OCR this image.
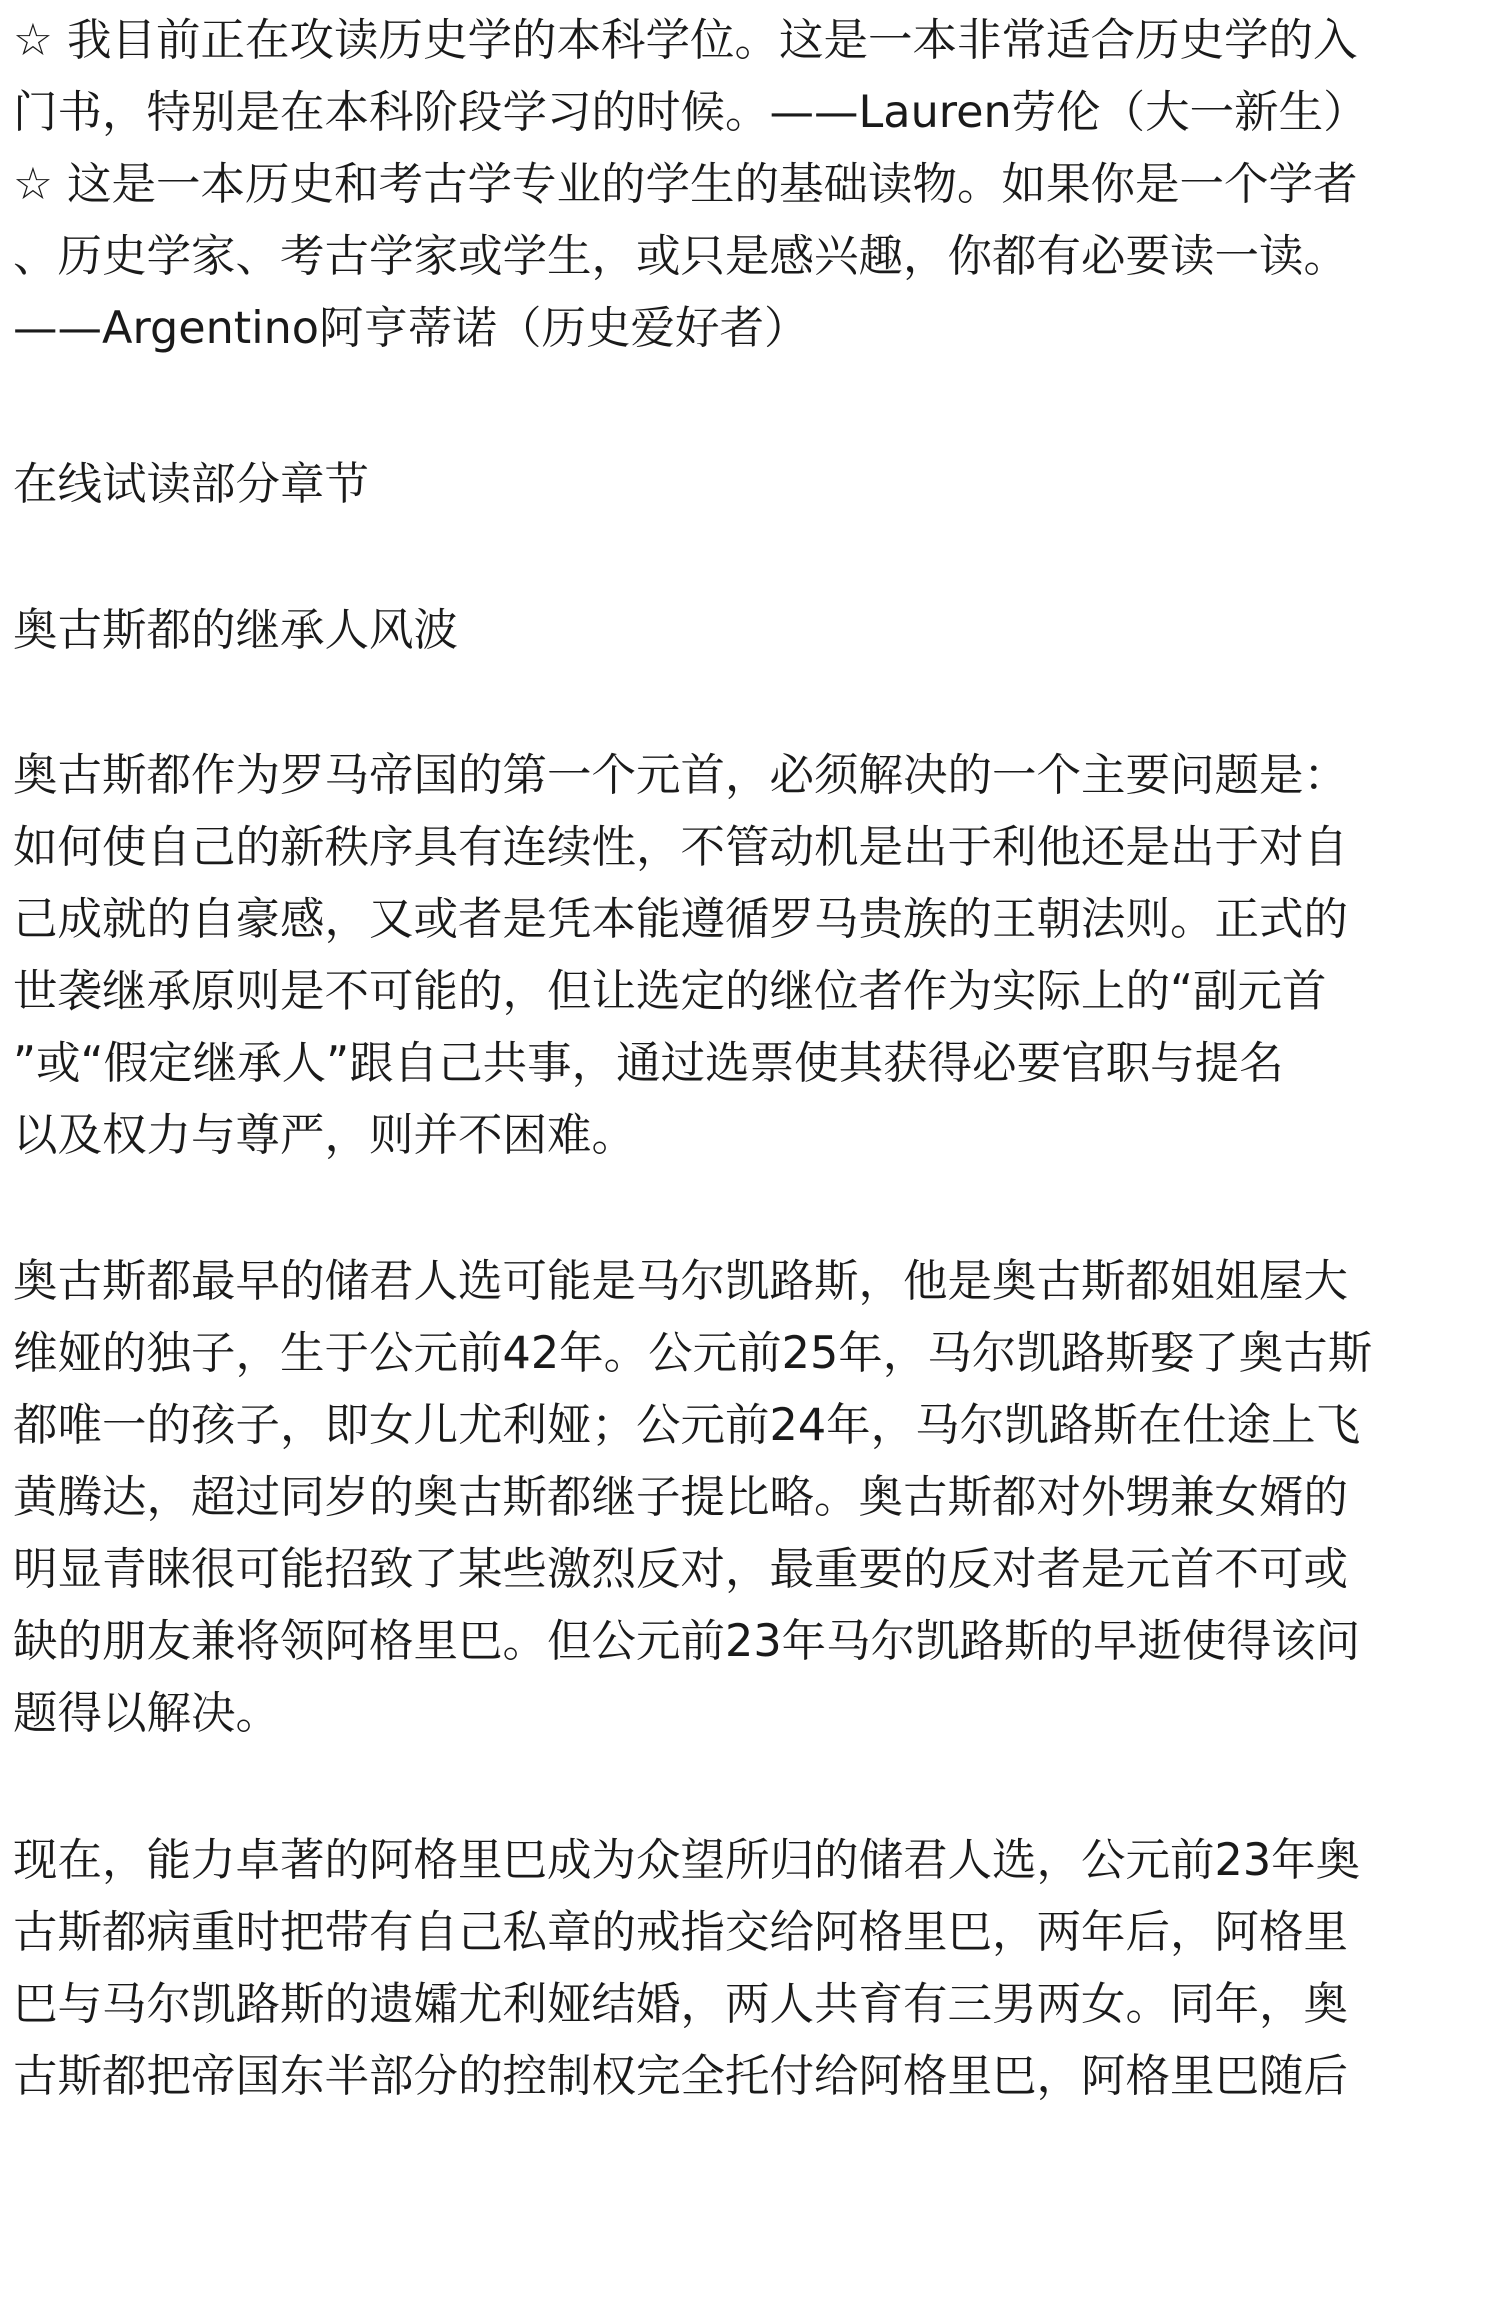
☆ 我目前正在攻读历史学的本科学位。这是一本非常适合历史学的入
门书，特别是在本科阶段学习的时候。——Lauren劳伦（大一新生）
☆ 这是一本历史和考古学专业的学生的基础读物。如果你是一个学者
、历史学家、考古学家或学生，或只是感兴趣，你都有必要读一读。
——Argentino阿亨蒂诺（历史爱好者）
在线试读部分章节
奥古斯都的继承人风波
奥古斯都作为罗马帝国的第一个元首，必须解决的一个主要问题是：
如何使自己的新秩序具有连续性，不管动机是出于利他还是出于对自
己成就的自豪感，又或者是凭本能遵循罗马贵族的王朝法则。正式的
世袭继承原则是不可能的，但让选定的继位者作为实际上的“副元首
”或“假定继承人”跟自己共事，通过选票使其获得必要官职与提名
以及权力与尊严，则并不困难。
奥古斯都最早的储君人选可能是马尔凯路斯，他是奥古斯都姐姐屋大
维娅的独子，生于公元前42年。公元前25年，马尔凯路斯娶了奥古斯
都唯一的孩子，即女儿尤利娅；公元前24年，马尔凯路斯在仕途上飞
黄腾达，超过同岁的奥古斯都继子提比略。奥古斯都对外甥兼女婿的
明显青睐很可能招致了某些激烈反对，最重要的反对者是元首不可或
缺的朋友兼将领阿格里巴。但公元前23年马尔凯路斯的早逝使得该问
题得以解决。
现在，能力卓著的阿格里巴成为众望所归的储君人选，公元前23年奥
古斯都病重时把带有自己私章的戒指交给阿格里巴，两年后，阿格里
巴与马尔凯路斯的遗孀尤利娅结婚，两人共育有三男两女。同年，奥
古斯都把帝国东半部分的控制权完全托付给阿格里巴，阿格里巴随后
